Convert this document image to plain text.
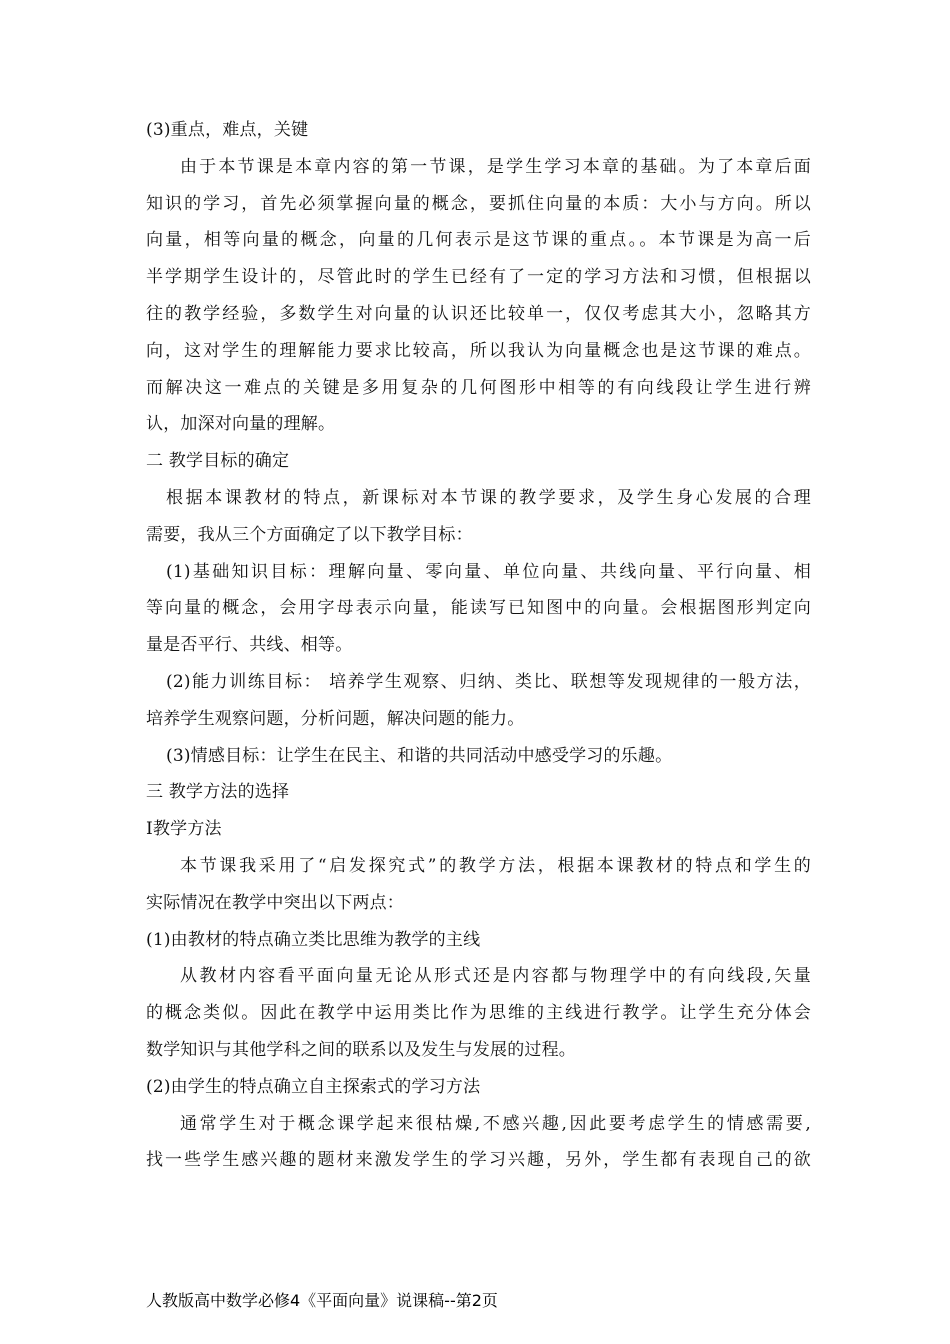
(3)重点，难点，关键
由于本节课是本章内容的第一节课，是学生学习本章的基础。为了本章后面
知识的学习，首先必须掌握向量的概念，要抓住向量的本质：大小与方向。所以
向量，相等向量的概念，向量的几何表示是这节课的重点。。本节课是为高一后
半学期学生设计的，尽管此时的学生已经有了一定的学习方法和习惯，但根据以
往的教学经验，多数学生对向量的认识还比较单一，仅仅考虑其大小，忽略其方
向，这对学生的理解能力要求比较高，所以我认为向量概念也是这节课的难点。
而解决这一难点的关键是多用复杂的几何图形中相等的有向线段让学生进行辨
认，加深对向量的理解。
二 教学目标的确定
根据本课教材的特点，新课标对本节课的教学要求，及学生身心发展的合理
需要，我从三个方面确定了以下教学目标：
(1)基础知识目标：理解向量、零向量、单位向量、共线向量、平行向量、相
等向量的概念，会用字母表示向量，能读写已知图中的向量。会根据图形判定向
量是否平行、共线、相等。
(2)能力训练目标： 培养学生观察、归纳、类比、联想等发现规律的一般方法，
培养学生观察问题，分析问题，解决问题的能力。
(3)情感目标：让学生在民主、和谐的共同活动中感受学习的乐趣。
三 教学方法的选择
Ⅰ教学方法
本节课我采用了“启发探究式”的教学方法，根据本课教材的特点和学生的
实际情况在教学中突出以下两点：
(1)由教材的特点确立类比思维为教学的主线
从教材内容看平面向量无论从形式还是内容都与物理学中的有向线段,矢量
的概念类似。因此在教学中运用类比作为思维的主线进行教学。让学生充分体会
数学知识与其他学科之间的联系以及发生与发展的过程。
(2)由学生的特点确立自主探索式的学习方法
通常学生对于概念课学起来很枯燥,不感兴趣,因此要考虑学生的情感需要,
找一些学生感兴趣的题材来激发学生的学习兴趣，另外，学生都有表现自己的欲
人教版高中数学必修4《平面向量》说课稿--第2页
